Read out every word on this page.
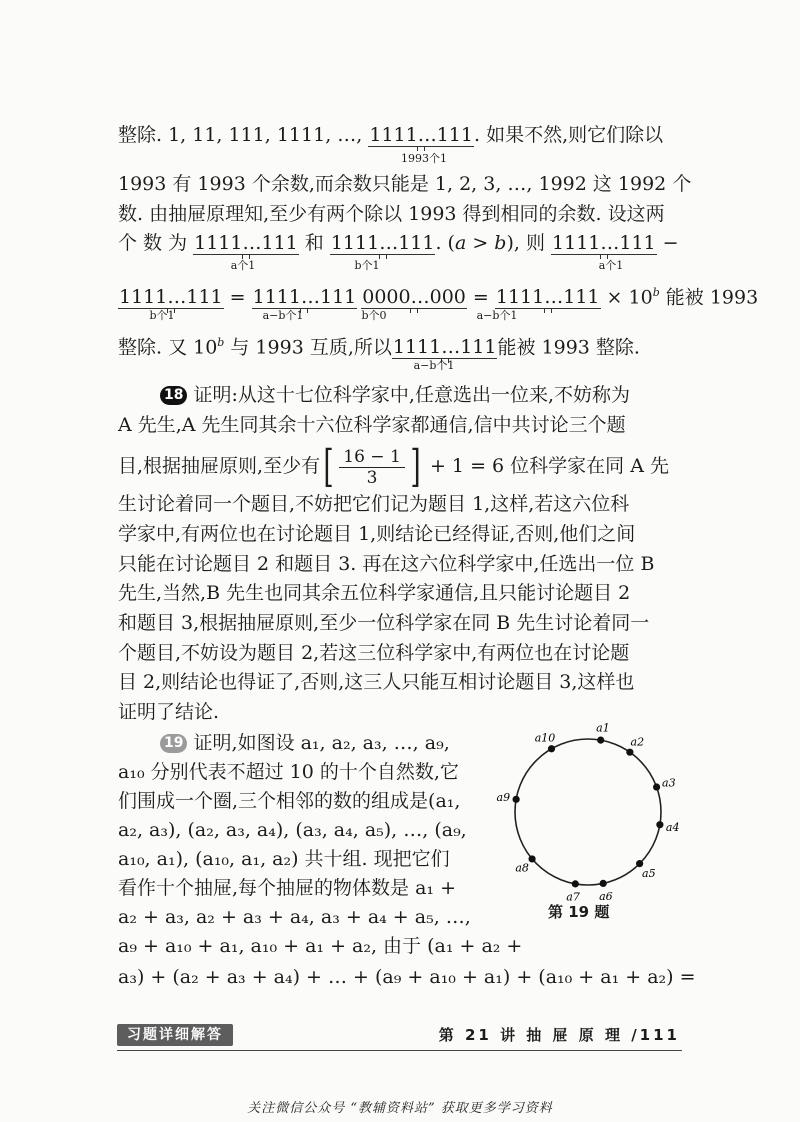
整除. 1, 11, 111, 1111, …, 1111…111. 如果不然,则它们除以
1993个1
1993 有 1993 个余数,而余数只能是 1, 2, 3, …, 1992 这 1992 个
数. 由抽屉原理知,至少有两个除以 1993 得到相同的余数. 设这两
个 数 为 1111…111 和 1111…111. (a > b), 则 1111…111 −
a个1	b个1	a个1
1111…111 = 1111…111 0000…000 = 1111…111 × $10^b$ 能被 1993
b个1	a−b个1	b个0	a−b个1
整除. 又 10$^b$ 与 1993 互质,所以1111…111能被 1993 整除.
a−b个1
18 证明:从这十七位科学家中,任意选出一位来,不妨称为
A 先生,A 先生同其余十六位科学家都通信,信中共讨论三个题
目,根据抽屉原则,至少有[ $\frac{16 - 1}{3}$ ] + 1 = 6 位科学家在同 A 先
生讨论着同一个题目,不妨把它们记为题目 1,这样,若这六位科
学家中,有两位也在讨论题目 1,则结论已经得证,否则,他们之间
只能在讨论题目 2 和题目 3. 再在这六位科学家中,任选出一位 B
先生,当然,B 先生也同其余五位科学家通信,且只能讨论题目 2
和题目 3,根据抽屉原则,至少一位科学家在同 B 先生讨论着同一
个题目,不妨设为题目 2,若这三位科学家中,有两位也在讨论题
目 2,则结论也得证了,否则,这三人只能互相讨论题目 3,这样也
证明了结论.
19 证明,如图设 a₁, a₂, a₃, …, a₉,
a₁₀ 分别代表不超过 10 的十个自然数,它
们围成一个圈,三个相邻的数的组成是(a₁,
a₂, a₃), (a₂, a₃, a₄), (a₃, a₄, a₅), …, (a₉,
a₁₀, a₁), (a₁₀, a₁, a₂) 共十组. 现把它们
看作十个抽屉,每个抽屉的物体数是 a₁ +
a₂ + a₃, a₂ + a₃ + a₄, a₃ + a₄ + a₅, …,
a₉ + a₁₀ + a₁, a₁₀ + a₁ + a₂, 由于 (a₁ + a₂ +
a₃) + (a₂ + a₃ + a₄) + … + (a₉ + a₁₀ + a₁) + (a₁₀ + a₁ + a₂) =
a1
a2
a3
a4
a5
a6
a7
a8
a9
a10
第 19 题
习题详细解答	第 21 讲 抽 屉 原 理 /111
关注微信公众号 “教辅资料站” 获取更多学习资料
